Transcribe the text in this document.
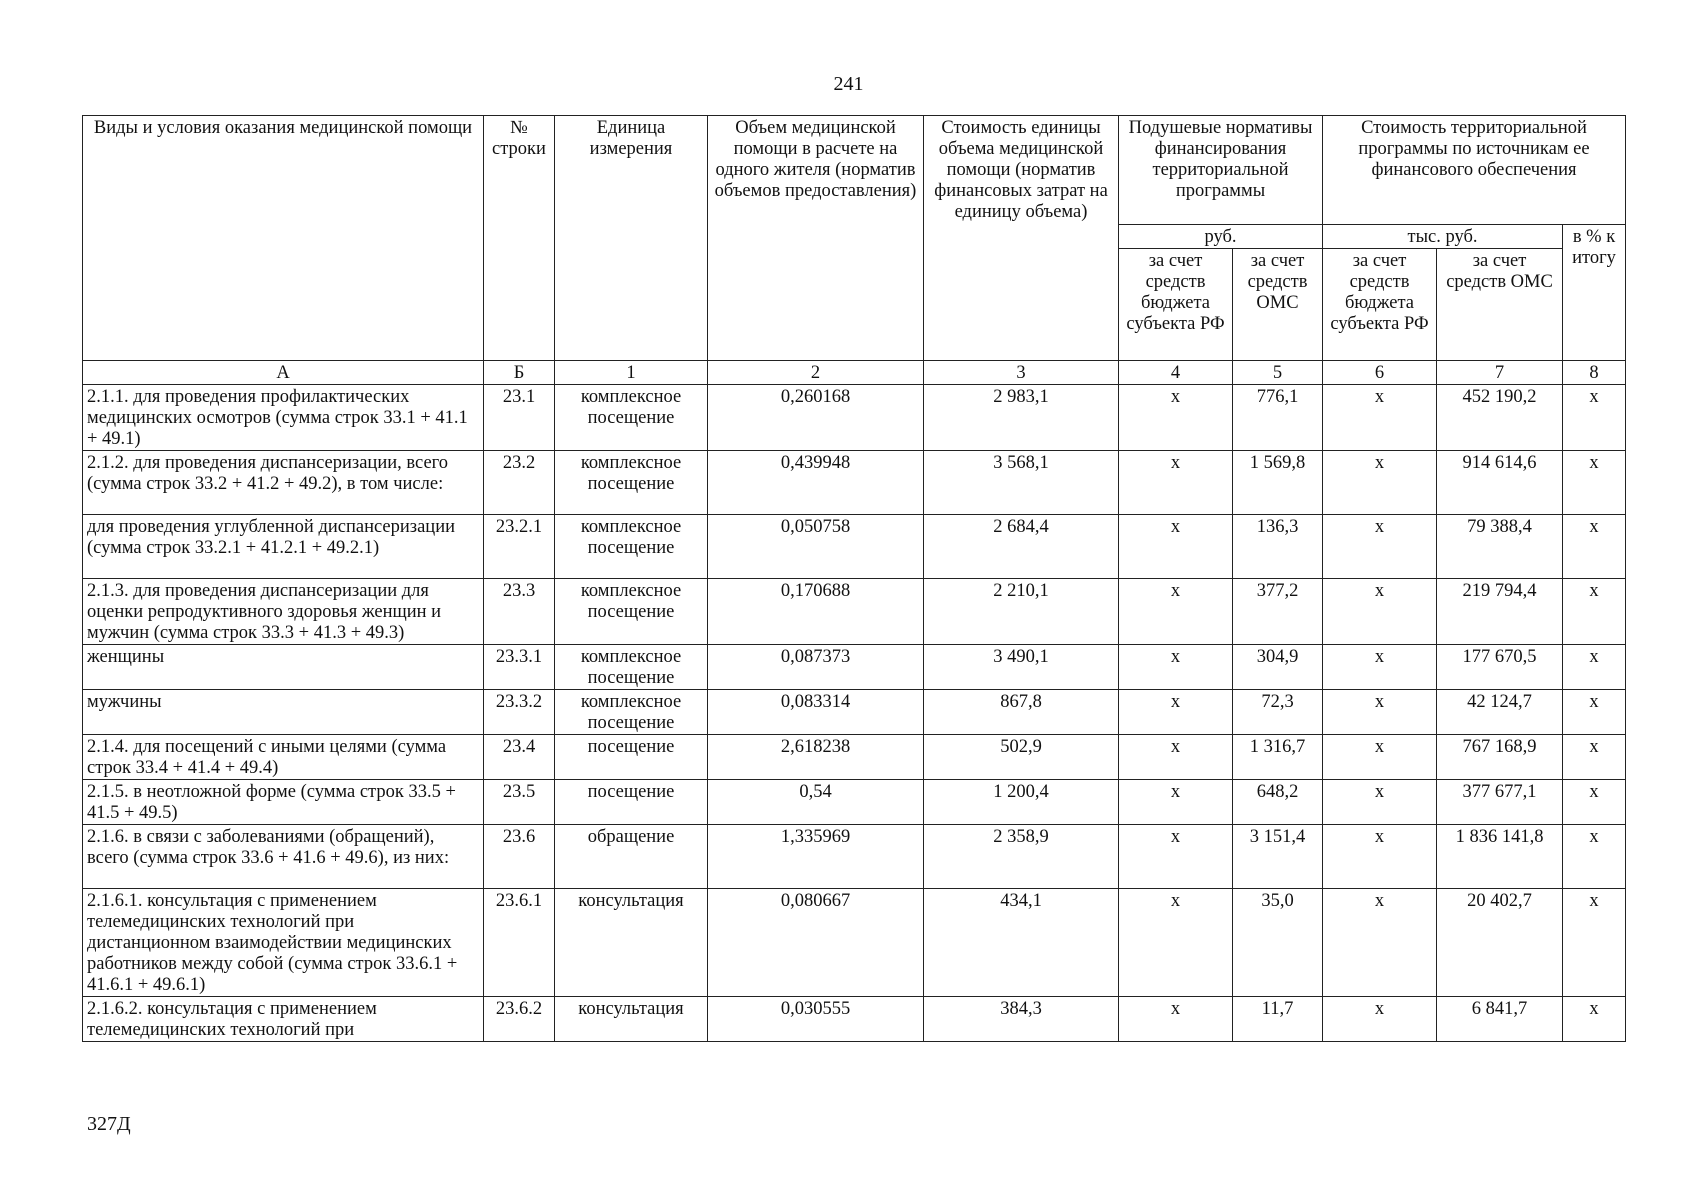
241
Виды и условия оказания медицинской помощи	№ строки	Единица измерения	Объем медицинской помощи в расчете на одного жителя (норматив объемов предоставления)	Стоимость единицы объема медицинской помощи (норматив финансовых затрат на единицу объема)	Подушевые нормативы финансирования территориальной программы		Стоимость территориальной программы по источникам ее финансового обеспечения		
					руб.		тыс. руб.		в % к итогу
					за счет средств бюджета субъекта РФ	за счет средств ОМС	за счет средств бюджета субъекта РФ	за счет средств ОМС	
А	Б	1	2	3	4	5	6	7	8
2.1.1. для проведения профилактических медицинских осмотров (сумма строк 33.1 + 41.1 + 49.1)	23.1	комплексное посещение	0,260168	2 983,1	х	776,1	х	452 190,2	х
2.1.2. для проведения диспансеризации, всего (сумма строк 33.2 + 41.2 + 49.2), в том числе:	23.2	комплексное посещение	0,439948	3 568,1	х	1 569,8	х	914 614,6	х
для проведения углубленной диспансеризации (сумма строк 33.2.1 + 41.2.1 + 49.2.1)	23.2.1	комплексное посещение	0,050758	2 684,4	х	136,3	х	79 388,4	х
2.1.3. для проведения диспансеризации для оценки репродуктивного здоровья женщин и мужчин (сумма строк 33.3 + 41.3 + 49.3)	23.3	комплексное посещение	0,170688	2 210,1	х	377,2	х	219 794,4	х
женщины	23.3.1	комплексное посещение	0,087373	3 490,1	х	304,9	х	177 670,5	х
мужчины	23.3.2	комплексное посещение	0,083314	867,8	х	72,3	х	42 124,7	х
2.1.4. для посещений с иными целями (сумма строк 33.4 + 41.4 + 49.4)	23.4	посещение	2,618238	502,9	х	1 316,7	х	767 168,9	х
2.1.5. в неотложной форме (сумма строк 33.5 + 41.5 + 49.5)	23.5	посещение	0,54	1 200,4	х	648,2	х	377 677,1	х
2.1.6. в связи с заболеваниями (обращений), всего (сумма строк 33.6 + 41.6 + 49.6), из них:	23.6	обращение	1,335969	2 358,9	х	3 151,4	х	1 836 141,8	х
2.1.6.1. консультация с применением телемедицинских технологий при дистанционном взаимодействии медицинских работников между собой (сумма строк 33.6.1 + 41.6.1 + 49.6.1)	23.6.1	консультация	0,080667	434,1	х	35,0	х	20 402,7	х
2.1.6.2. консультация с применением телемедицинских технологий при	23.6.2	консультация	0,030555	384,3	х	11,7	х	6 841,7	х
327Д
